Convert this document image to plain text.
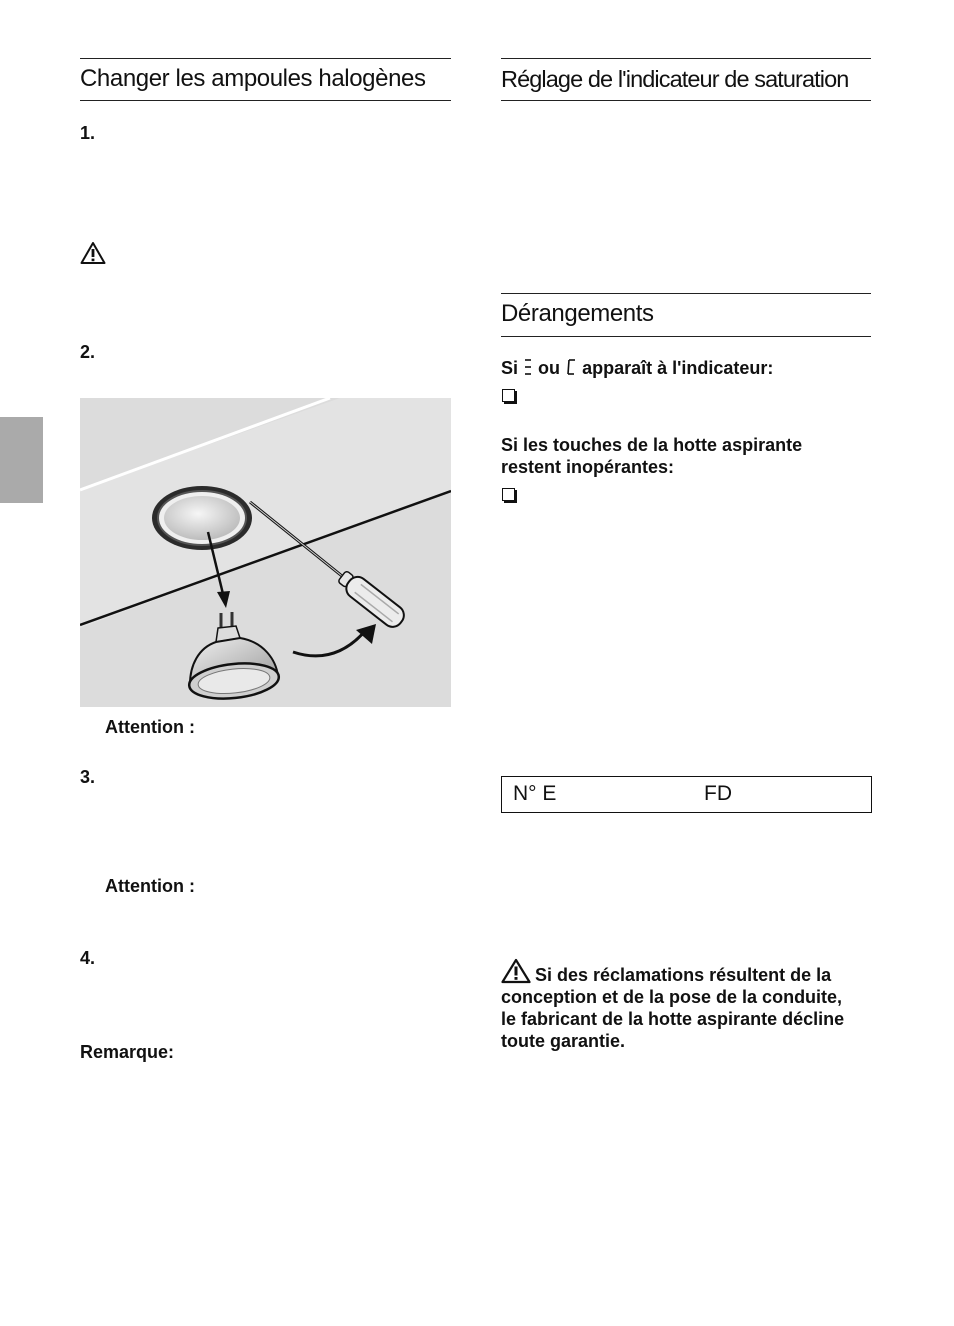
Changer les ampoules halogènes
1.
2.
Attention :
3.
Attention :
4.
Remarque:
Réglage de l'indicateur de saturation
Dérangements
Si ou apparaît à l'indicateur:
Si les touches de la hotte aspirante
restent inopérantes:
N° E	FD
Si des réclamations résultent de la
conception et de la pose de la conduite,
le fabricant de la hotte aspirante décline
toute garantie.
